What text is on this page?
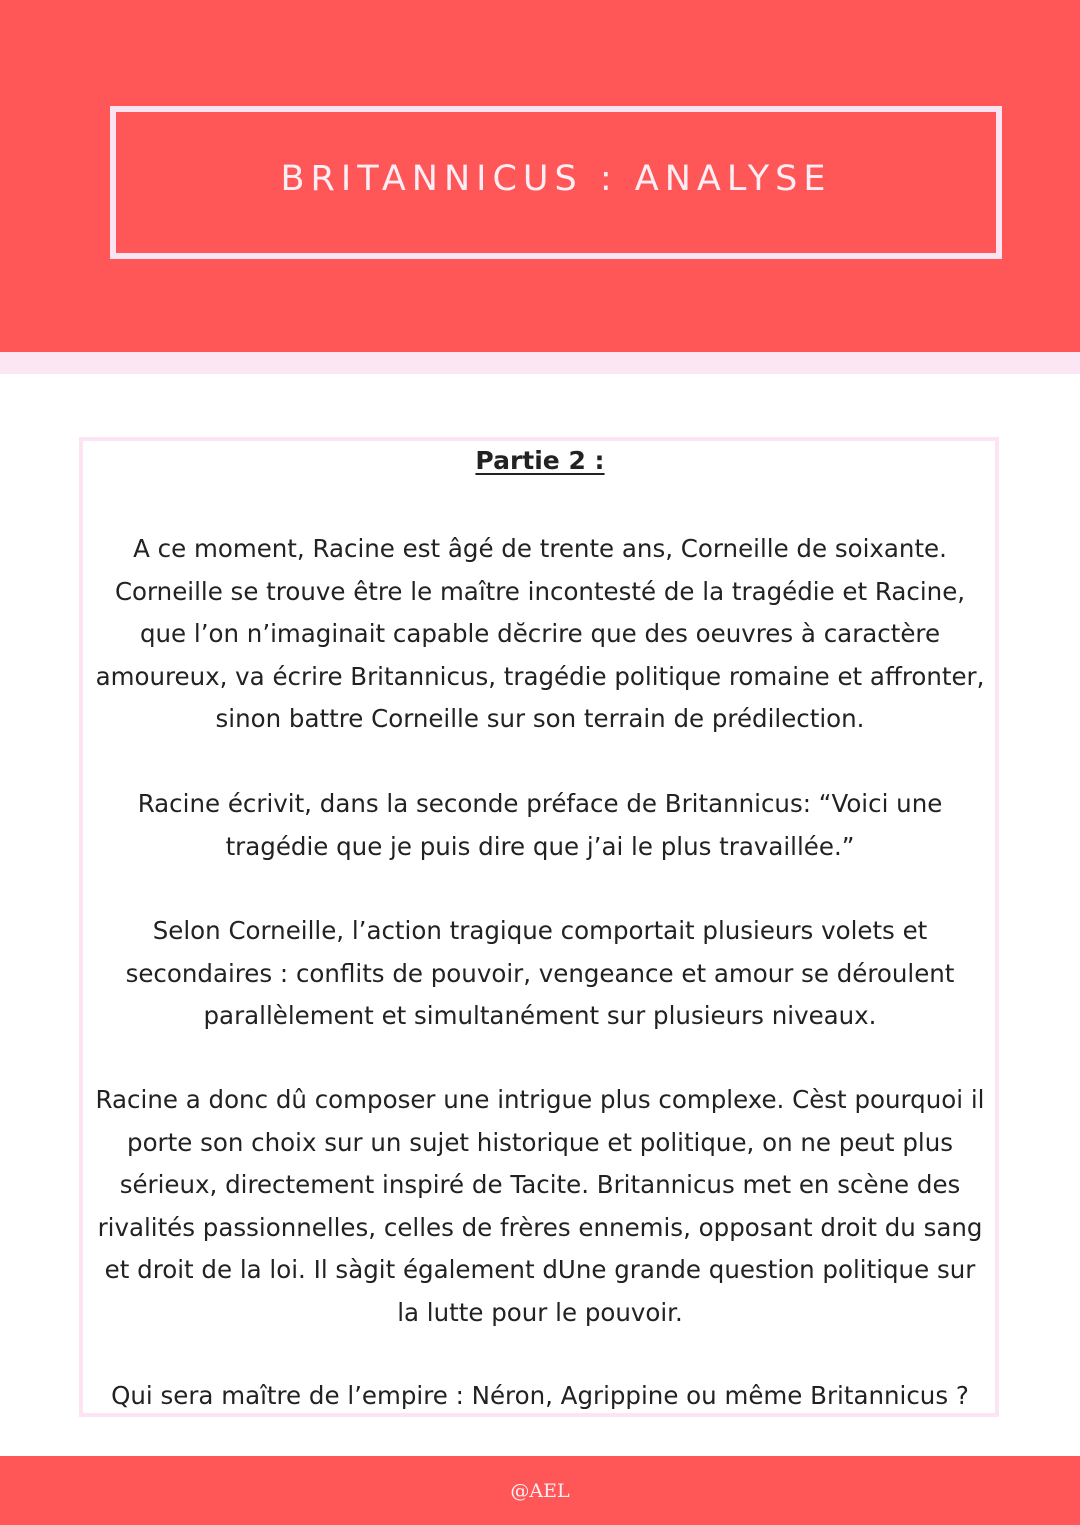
BRITANNICUS : ANALYSE
Partie 2 :

A ce moment, Racine est âgé de trente ans, Corneille de soixante. Corneille se trouve être le maître incontesté de la tragédie et Racine, que l’on n’imaginait capable dĕcrire que des oeuvres à caractère amoureux, va écrire Britannicus, tragédie politique romaine et affronter, sinon battre Corneille sur son terrain de prédilection.

Racine écrivit, dans la seconde préface de Britannicus: “Voici une tragédie que je puis dire que j’ai le plus travaillée.”

Selon Corneille, l’action tragique comportait plusieurs volets et secondaires : conflits de pouvoir, vengeance et amour se déroulent parallèlement et simultanément sur plusieurs niveaux.

Racine a donc dû composer une intrigue plus complexe. Cèst pourquoi il porte son choix sur un sujet historique et politique, on ne peut plus sérieux, directement inspiré de Tacite. Britannicus met en scène des rivalités passionnelles, celles de frères ennemis, opposant droit du sang et droit de la loi. Il sàgit également dUne grande question politique sur la lutte pour le pouvoir.

Qui sera maître de l’empire : Néron, Agrippine ou même Britannicus ?

@AEL
